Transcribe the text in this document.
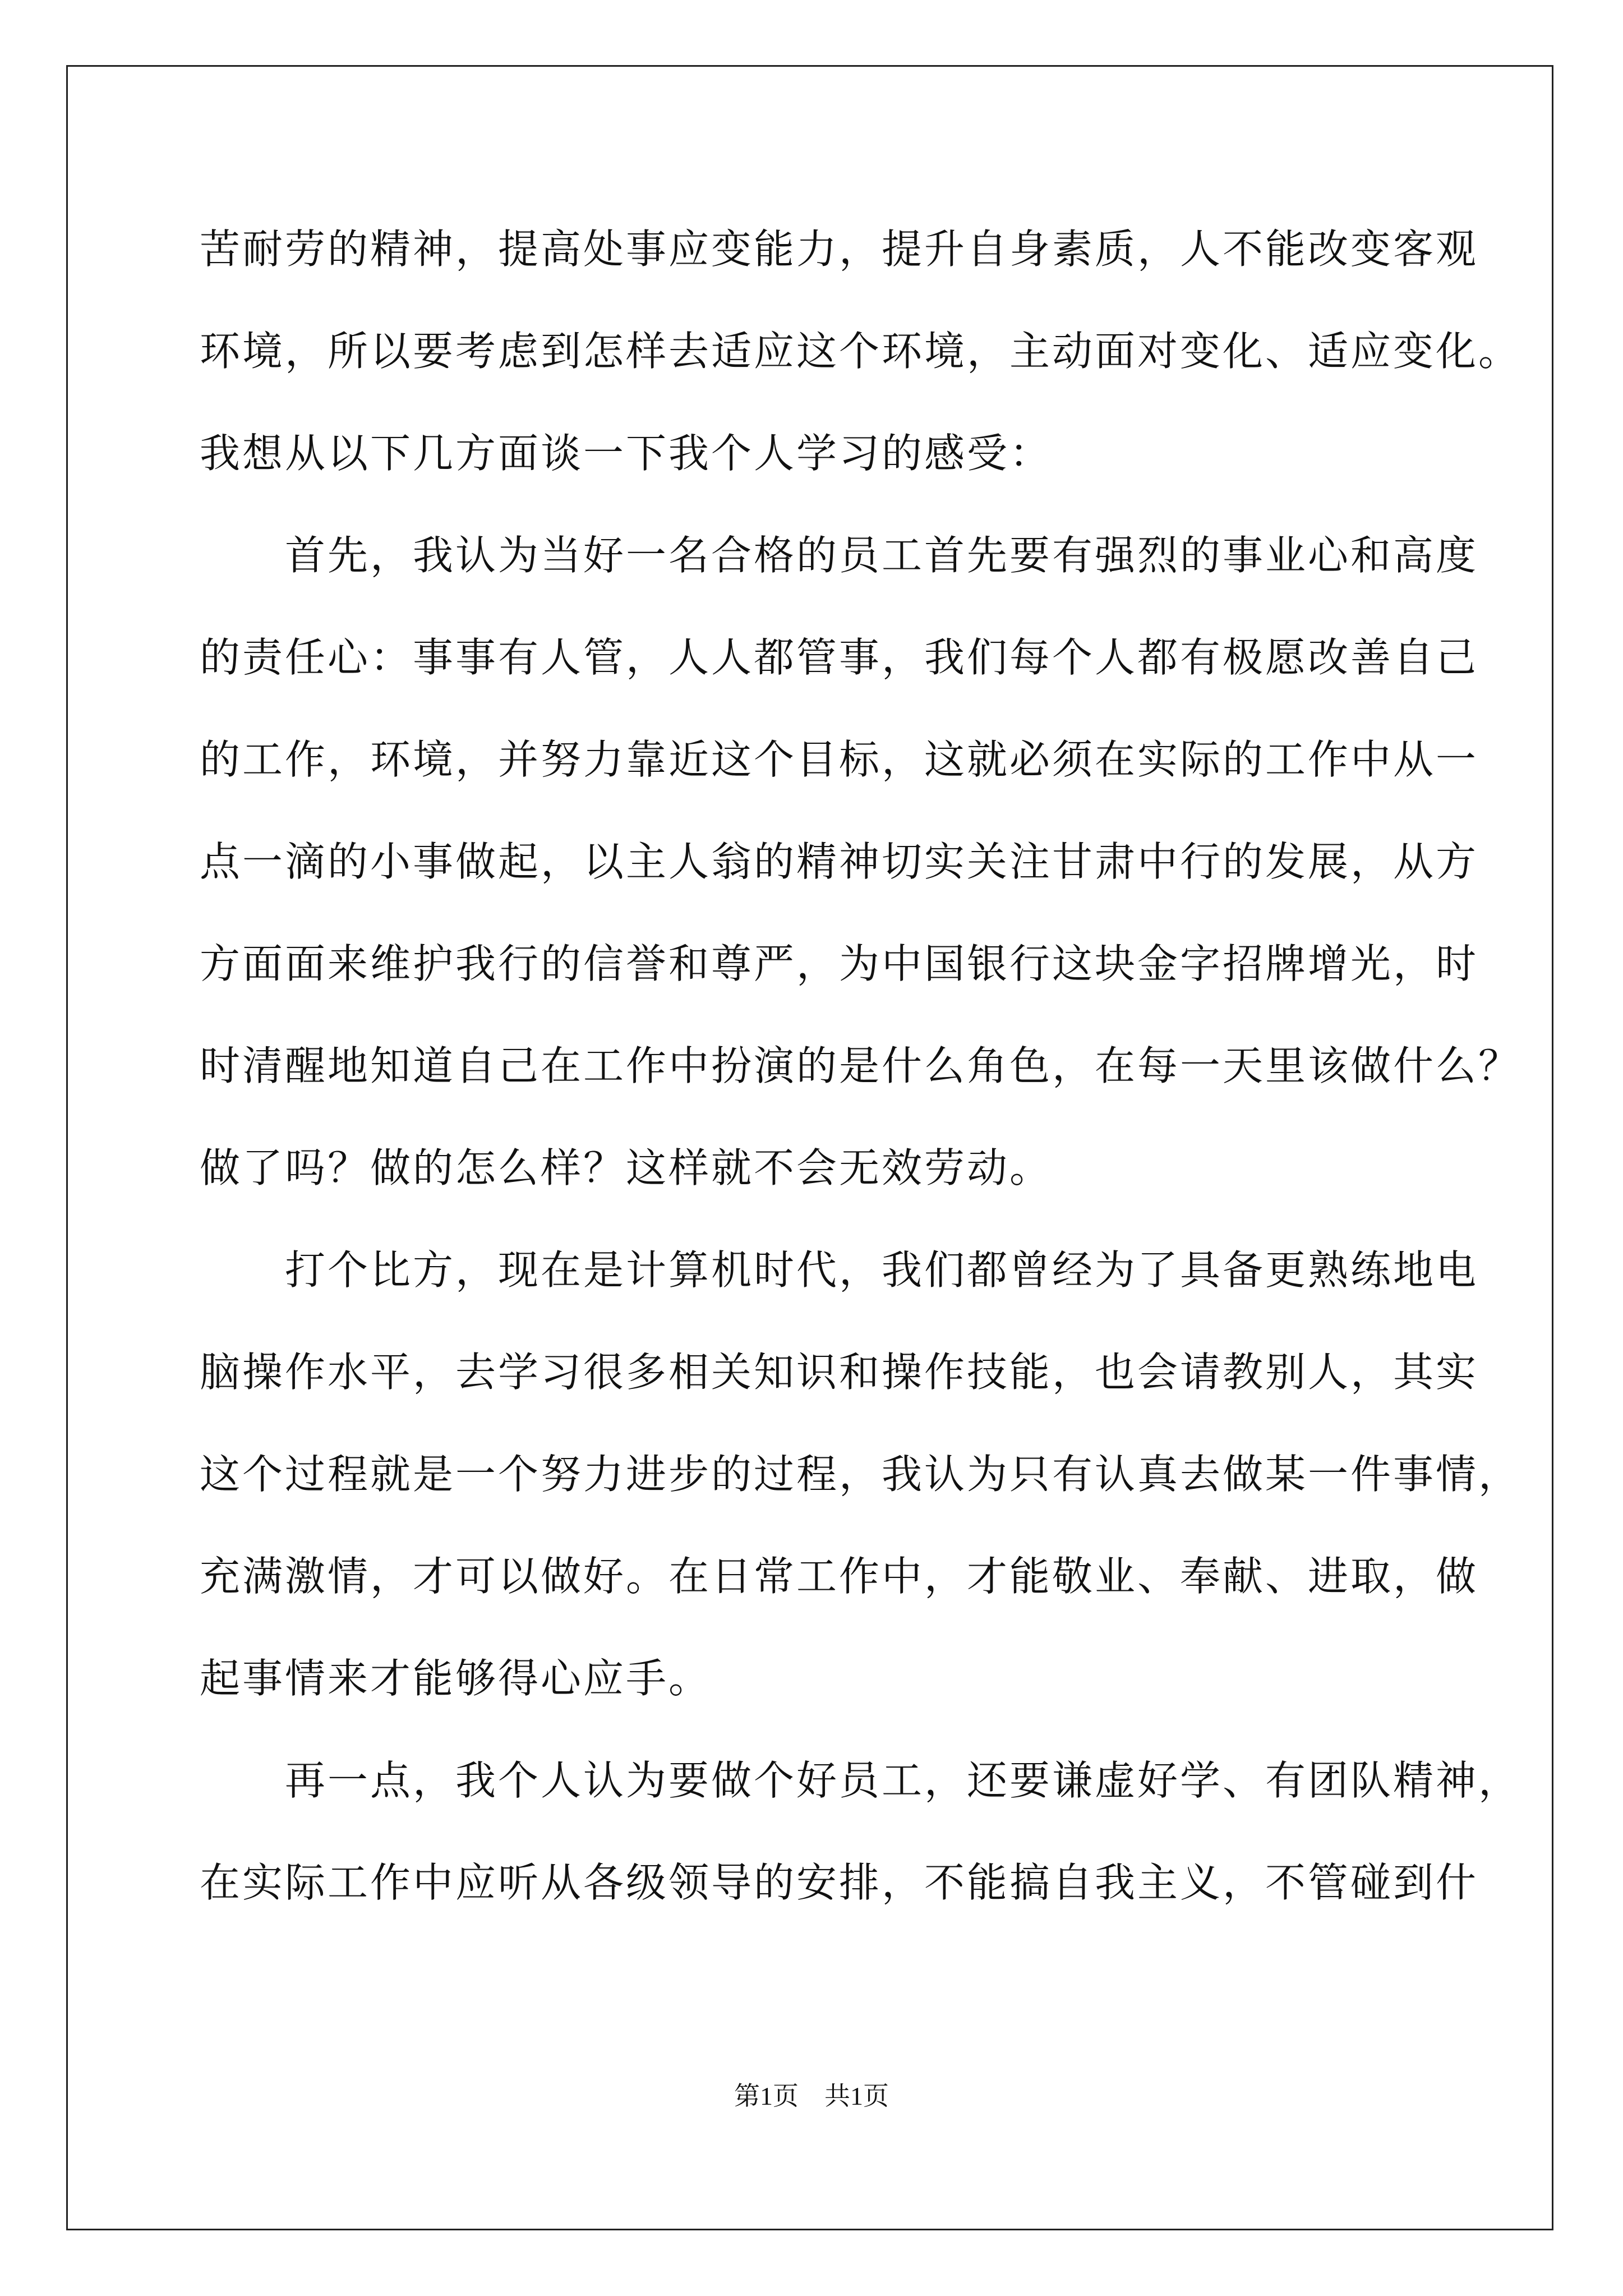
苦耐劳的精神，提高处事应变能力，提升自身素质，人不能改变客观
环境，所以要考虑到怎样去适应这个环境，主动面对变化、适应变化。
我想从以下几方面谈一下我个人学习的感受：
　　首先，我认为当好一名合格的员工首先要有强烈的事业心和高度
的责任心：事事有人管，人人都管事，我们每个人都有极愿改善自己
的工作，环境，并努力靠近这个目标，这就必须在实际的工作中从一
点一滴的小事做起，以主人翁的精神切实关注甘肃中行的发展，从方
方面面来维护我行的信誉和尊严，为中国银行这块金字招牌增光，时
时清醒地知道自己在工作中扮演的是什么角色，在每一天里该做什么？
做了吗？做的怎么样？这样就不会无效劳动。
　　打个比方，现在是计算机时代，我们都曾经为了具备更熟练地电
脑操作水平，去学习很多相关知识和操作技能，也会请教别人，其实
这个过程就是一个努力进步的过程，我认为只有认真去做某一件事情，
充满激情，才可以做好。在日常工作中，才能敬业、奉献、进取，做
起事情来才能够得心应手。
　　再一点，我个人认为要做个好员工，还要谦虚好学、有团队精神，
在实际工作中应听从各级领导的安排，不能搞自我主义，不管碰到什
第1页　共1页
